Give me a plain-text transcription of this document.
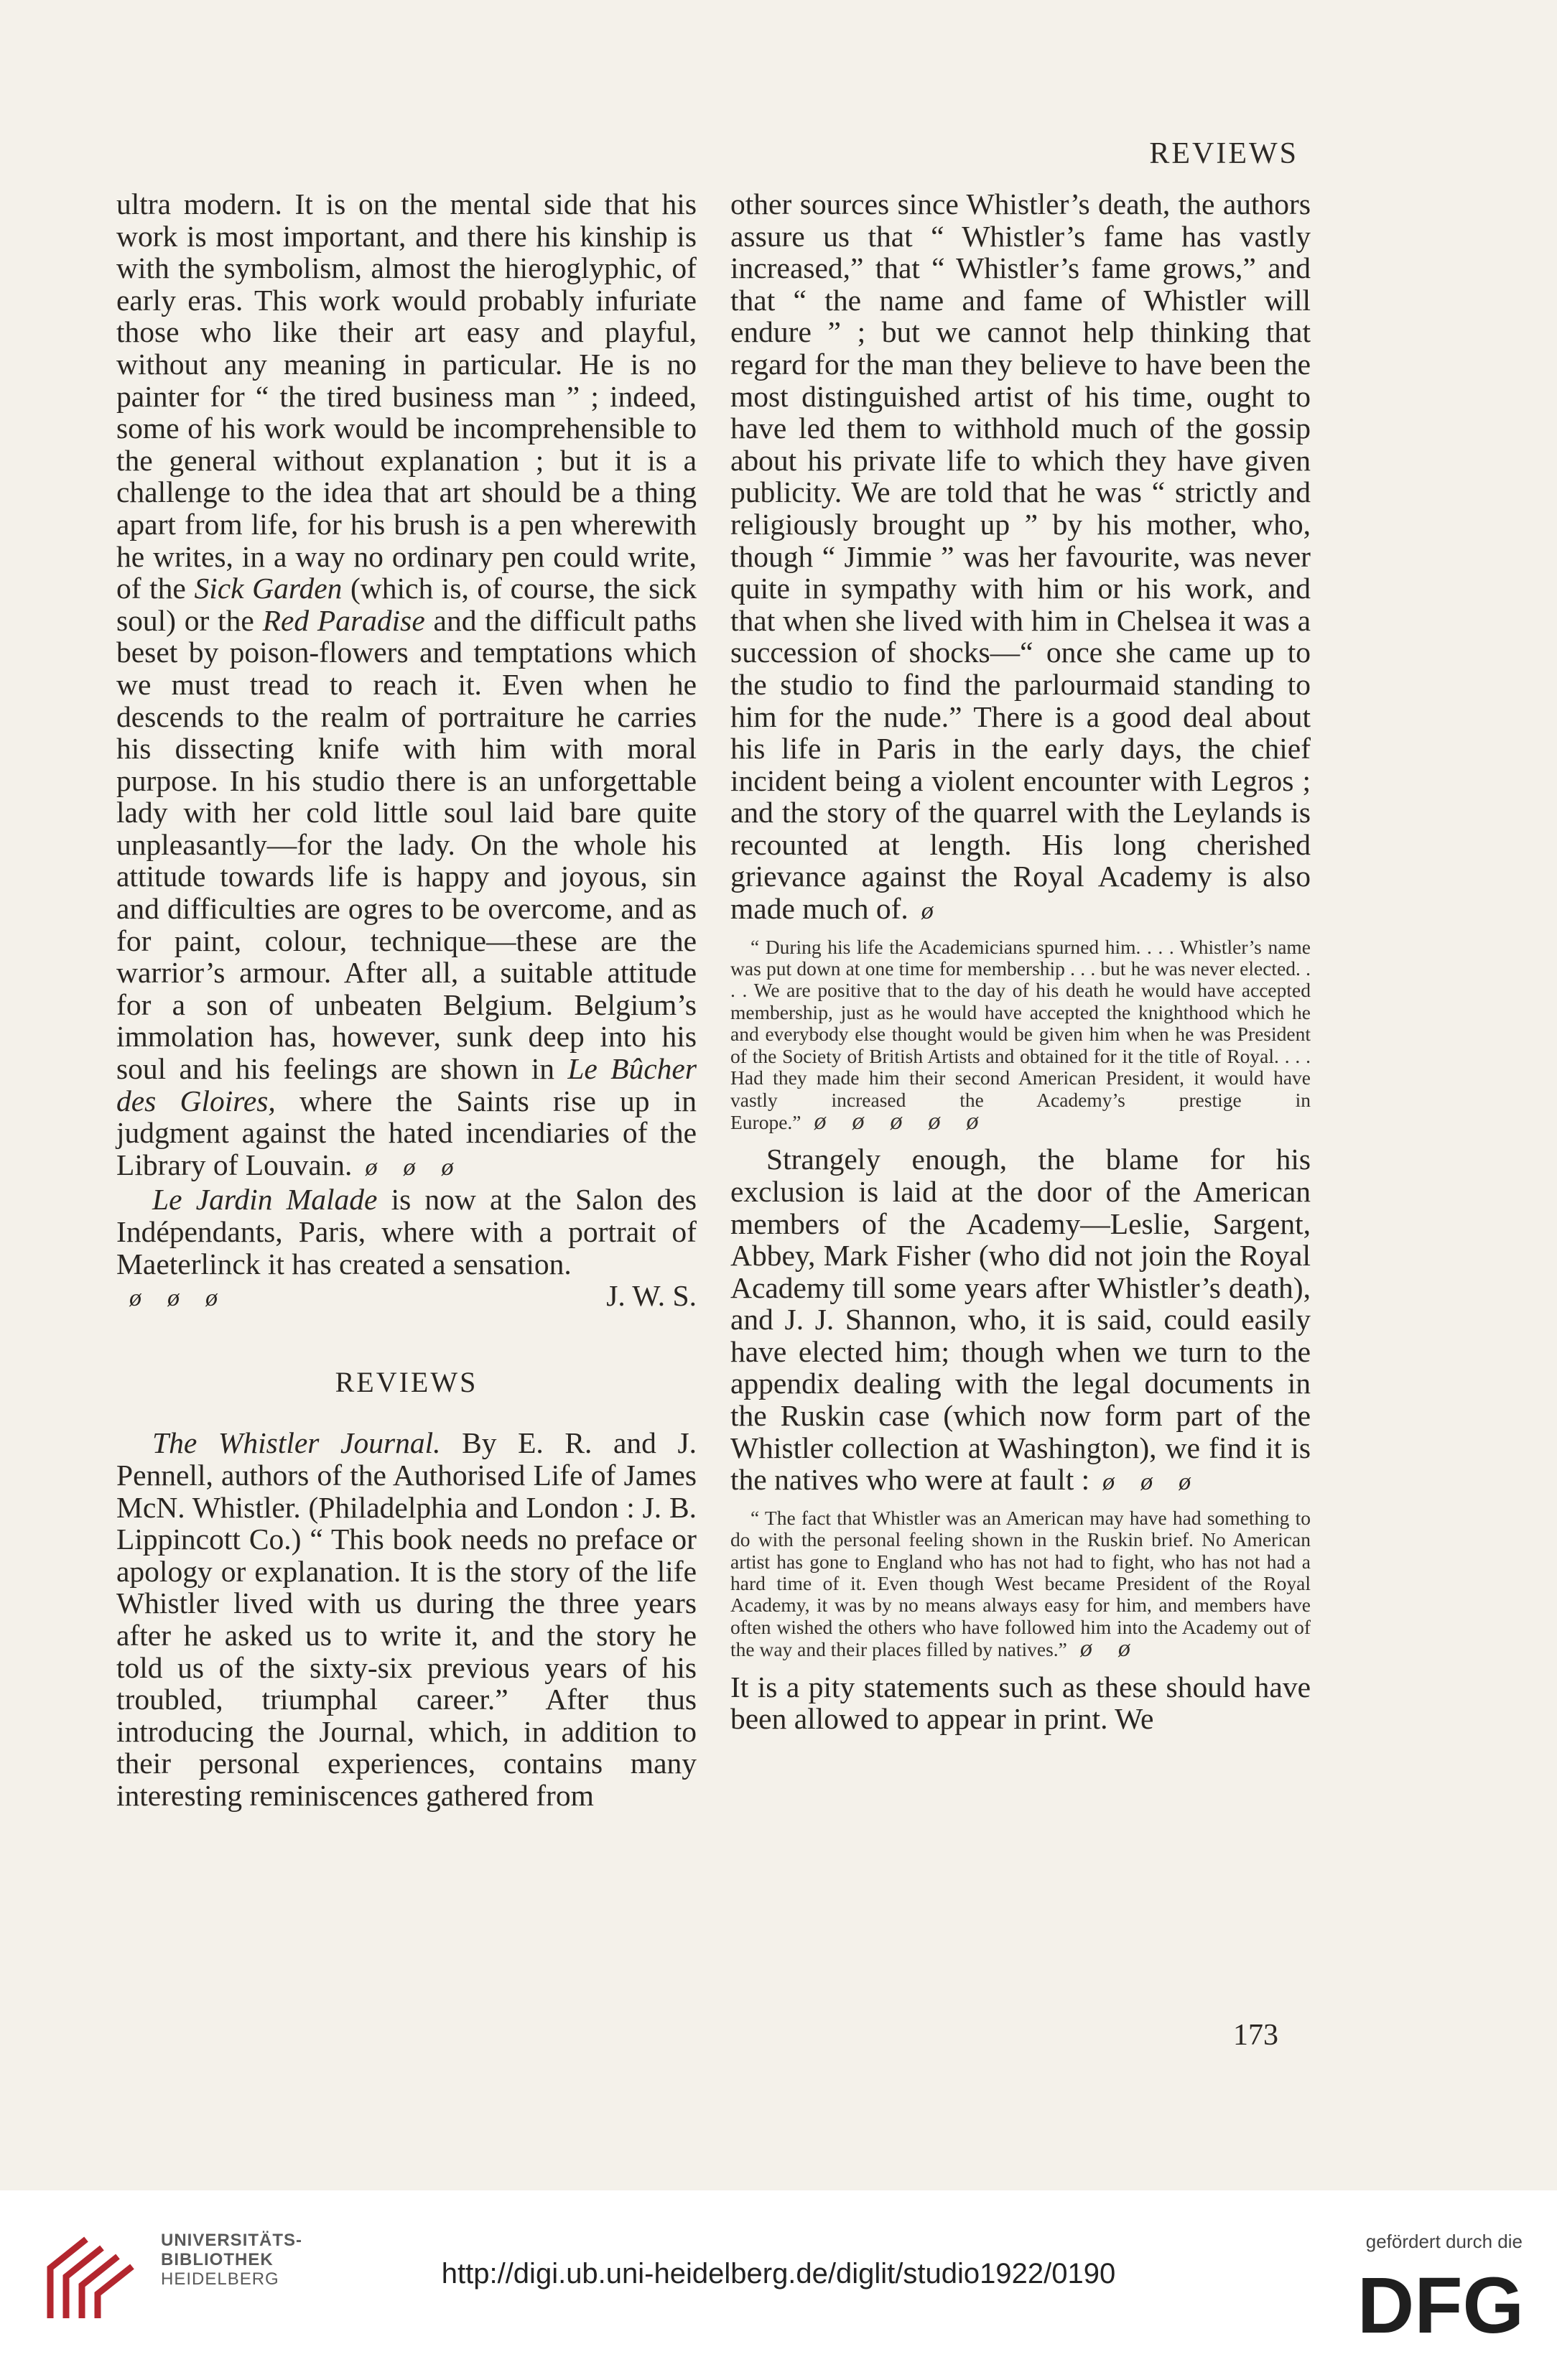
REVIEWS

ultra modern. It is on the mental side that his work is most important, and there his kinship is with the symbolism, almost the hieroglyphic, of early eras. This work would probably infuriate those who like their art easy and playful, without any meaning in particular. He is no painter for “ the tired business man ” ; indeed, some of his work would be incomprehensible to the general without explanation ; but it is a challenge to the idea that art should be a thing apart from life, for his brush is a pen wherewith he writes, in a way no ordinary pen could write, of the Sick Garden (which is, of course, the sick soul) or the Red Paradise and the difficult paths beset by poison-flowers and temptations which we must tread to reach it. Even when he descends to the realm of portraiture he carries his dissecting knife with him with moral purpose. In his studio there is an unforgettable lady with her cold little soul laid bare quite unpleasantly—for the lady. On the whole his attitude towards life is happy and joyous, sin and difficulties are ogres to be overcome, and as for paint, colour, technique—these are the warrior’s armour. After all, a suitable attitude for a son of unbeaten Belgium. Belgium’s immolation has, however, sunk deep into his soul and his feelings are shown in Le Bûcher des Gloires, where the Saints rise up in judgment against the hated incendiaries of the Library of Louvain. ø ø ø

Le Jardin Malade is now at the Salon des Indépendants, Paris, where with a portrait of Maeterlinck it has created a sensation.

ø ø ø	J. W. S.
REVIEWS

The Whistler Journal. By E. R. and J. Pennell, authors of the Authorised Life of James McN. Whistler. (Philadelphia and London : J. B. Lippincott Co.) “ This book needs no preface or apology or explanation. It is the story of the life Whistler lived with us during the three years after he asked us to write it, and the story he told us of the sixty-six previous years of his troubled, triumphal career.” After thus introducing the Journal, which, in addition to their personal experiences, contains many interesting reminiscences gathered from

other sources since Whistler’s death, the authors assure us that “ Whistler’s fame has vastly increased,” that “ Whistler’s fame grows,” and that “ the name and fame of Whistler will endure ” ; but we cannot help thinking that regard for the man they believe to have been the most distinguished artist of his time, ought to have led them to withhold much of the gossip about his private life to which they have given publicity. We are told that he was “ strictly and religiously brought up ” by his mother, who, though “ Jimmie ” was her favourite, was never quite in sympathy with him or his work, and that when she lived with him in Chelsea it was a succession of shocks—“ once she came up to the studio to find the parlourmaid standing to him for the nude.” There is a good deal about his life in Paris in the early days, the chief incident being a violent encounter with Legros ; and the story of the quarrel with the Leylands is recounted at length. His long cherished grievance against the Royal Academy is also made much of. ø

“ During his life the Academicians spurned him. . . . Whistler’s name was put down at one time for membership . . . but he was never elected. . . . We are positive that to the day of his death he would have accepted membership, just as he would have accepted the knighthood which he and everybody else thought would be given him when he was President of the Society of British Artists and obtained for it the title of Royal. . . . Had they made him their second American President, it would have vastly increased the Academy’s prestige in Europe.” ø ø ø ø ø

Strangely enough, the blame for his exclusion is laid at the door of the American members of the Academy—Leslie, Sargent, Abbey, Mark Fisher (who did not join the Royal Academy till some years after Whistler’s death), and J. J. Shannon, who, it is said, could easily have elected him; though when we turn to the appendix dealing with the legal documents in the Ruskin case (which now form part of the Whistler collection at Washington), we find it is the natives who were at fault : ø ø ø

“ The fact that Whistler was an American may have had something to do with the personal feeling shown in the Ruskin brief. No American artist has gone to England who has not had to fight, who has not had a hard time of it. Even though West became President of the Royal Academy, it was by no means always easy for him, and members have often wished the others who have followed him into the Academy out of the way and their places filled by natives.” ø ø

It is a pity statements such as these should have been allowed to appear in print. We

173
UNIVERSITÄTS-
BIBLIOTHEK
HEIDELBERG	http://digi.ub.uni-heidelberg.de/diglit/studio1922/0190
gefördert durch die
DFG
